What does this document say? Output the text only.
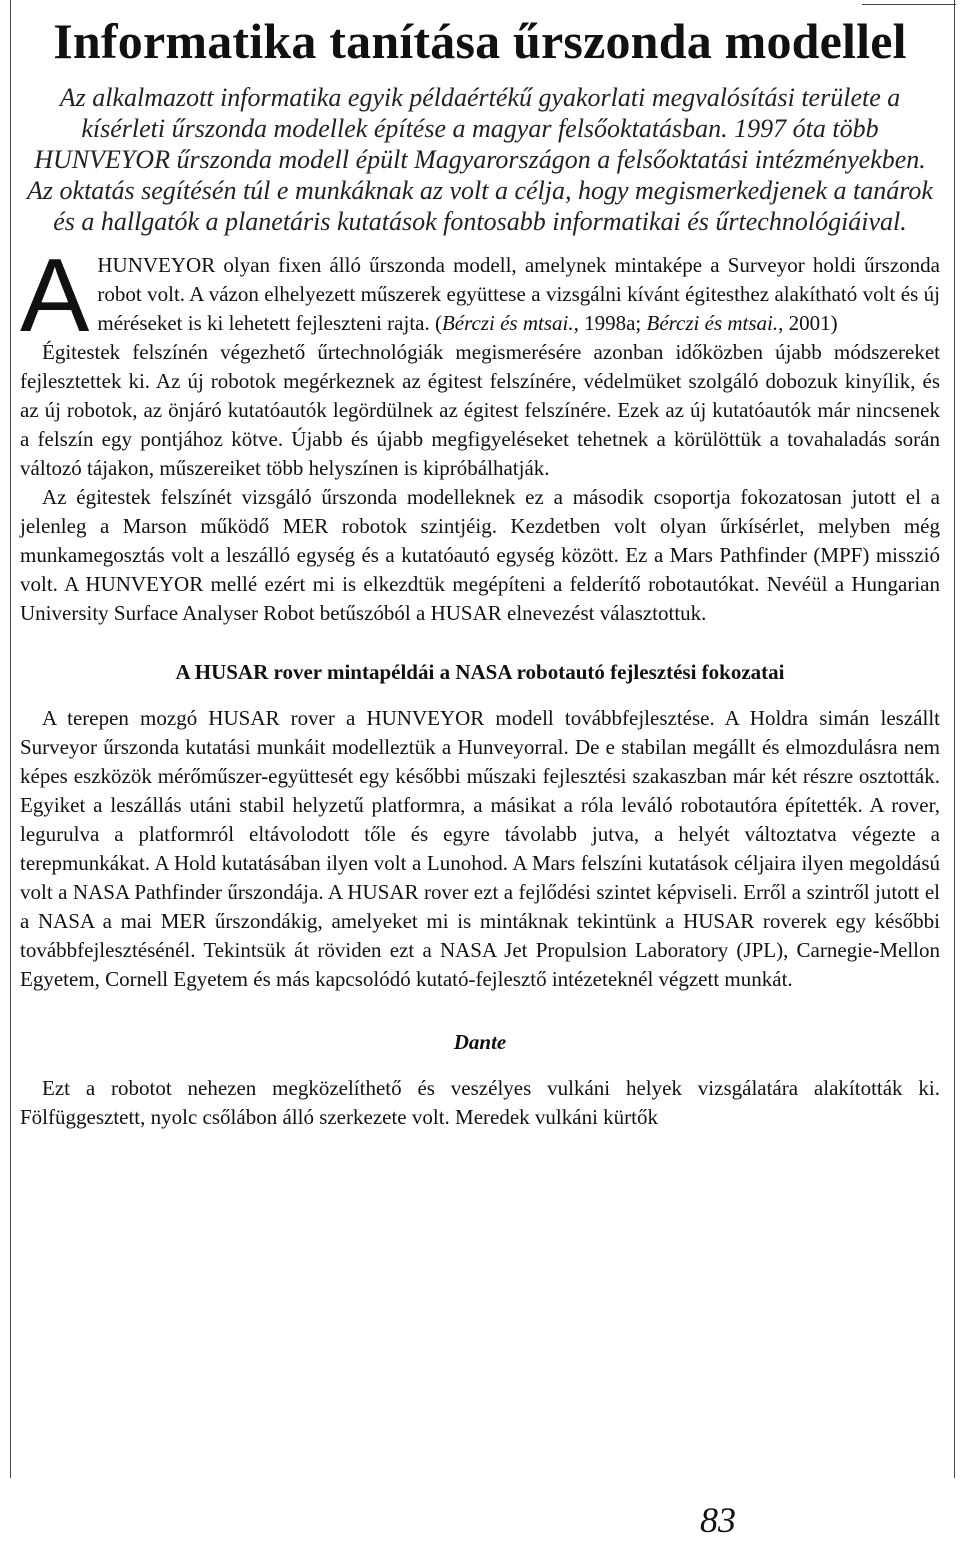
Informatika tanítása űrszonda modellel

Az alkalmazott informatika egyik példaértékű gyakorlati megvalósítási területe a kísérleti űrszonda modellek építése a magyar felsőoktatásban. 1997 óta több HUNVEYOR űrszonda modell épült Magyarországon a felsőoktatási intézményekben. Az oktatás segítésén túl e munkáknak az volt a célja, hogy megismerkedjenek a tanárok és a hallgatók a planetáris kutatások fontosabb informatikai és űrtechnológiáival.

A HUNVEYOR olyan fixen álló űrszonda modell, amelynek mintaképe a Surveyor holdi űrszonda robot volt. A vázon elhelyezett műszerek együttese a vizsgálni kívánt égitesthez alakítható volt és új méréseket is ki lehetett fejleszteni rajta. (Bérczi és mtsai., 1998a; Bérczi és mtsai., 2001)

Égitestek felszínén végezhető űrtechnológiák megismerésére azonban időközben újabb módszereket fejlesztettek ki. Az új robotok megérkeznek az égitest felszínére, védelmüket szolgáló dobozuk kinyílik, és az új robotok, az önjáró kutatóautók legördülnek az égitest felszínére. Ezek az új kutatóautók már nincsenek a felszín egy pontjához kötve. Újabb és újabb megfigyeléseket tehetnek a körülöttük a tovahaladás során változó tájakon, műszereiket több helyszínen is kipróbálhatják.

Az égitestek felszínét vizsgáló űrszonda modelleknek ez a második csoportja fokozatosan jutott el a jelenleg a Marson működő MER robotok szintjéig. Kezdetben volt olyan űrkísérlet, melyben még munkamegosztás volt a leszálló egység és a kutatóautó egység között. Ez a Mars Pathfinder (MPF) misszió volt. A HUNVEYOR mellé ezért mi is elkezdtük megépíteni a felderítő robotautókat. Nevéül a Hungarian University Surface Analyser Robot betűszóból a HUSAR elnevezést választottuk.

A HUSAR rover mintapéldái a NASA robotautó fejlesztési fokozatai

A terepen mozgó HUSAR rover a HUNVEYOR modell továbbfejlesztése. A Holdra simán leszállt Surveyor űrszonda kutatási munkáit modelleztük a Hunveyorral. De e stabilan megállt és elmozdulásra nem képes eszközök mérőműszer-együttesét egy későbbi műszaki fejlesztési szakaszban már két részre osztották. Egyiket a leszállás utáni stabil helyzetű platformra, a másikat a róla leváló robotautóra építették. A rover, legurulva a platformról eltávolodott tőle és egyre távolabb jutva, a helyét változtatva végezte a terepmunkákat. A Hold kutatásában ilyen volt a Lunohod. A Mars felszíni kutatások céljaira ilyen megoldású volt a NASA Pathfinder űrszondája. A HUSAR rover ezt a fejlődési szintet képviseli. Erről a szintről jutott el a NASA a mai MER űrszondákig, amelyeket mi is mintáknak tekintünk a HUSAR roverek egy későbbi továbbfejlesztésénél. Tekintsük át röviden ezt a NASA Jet Propulsion Laboratory (JPL), Carnegie-Mellon Egyetem, Cornell Egyetem és más kapcsolódó kutató-fejlesztő intézeteknél végzett munkát.

Dante

Ezt a robotot nehezen megközelíthető és veszélyes vulkáni helyek vizsgálatára alakították ki. Fölfüggesztett, nyolc csőlábon álló szerkezete volt. Meredek vulkáni kürtők

83
